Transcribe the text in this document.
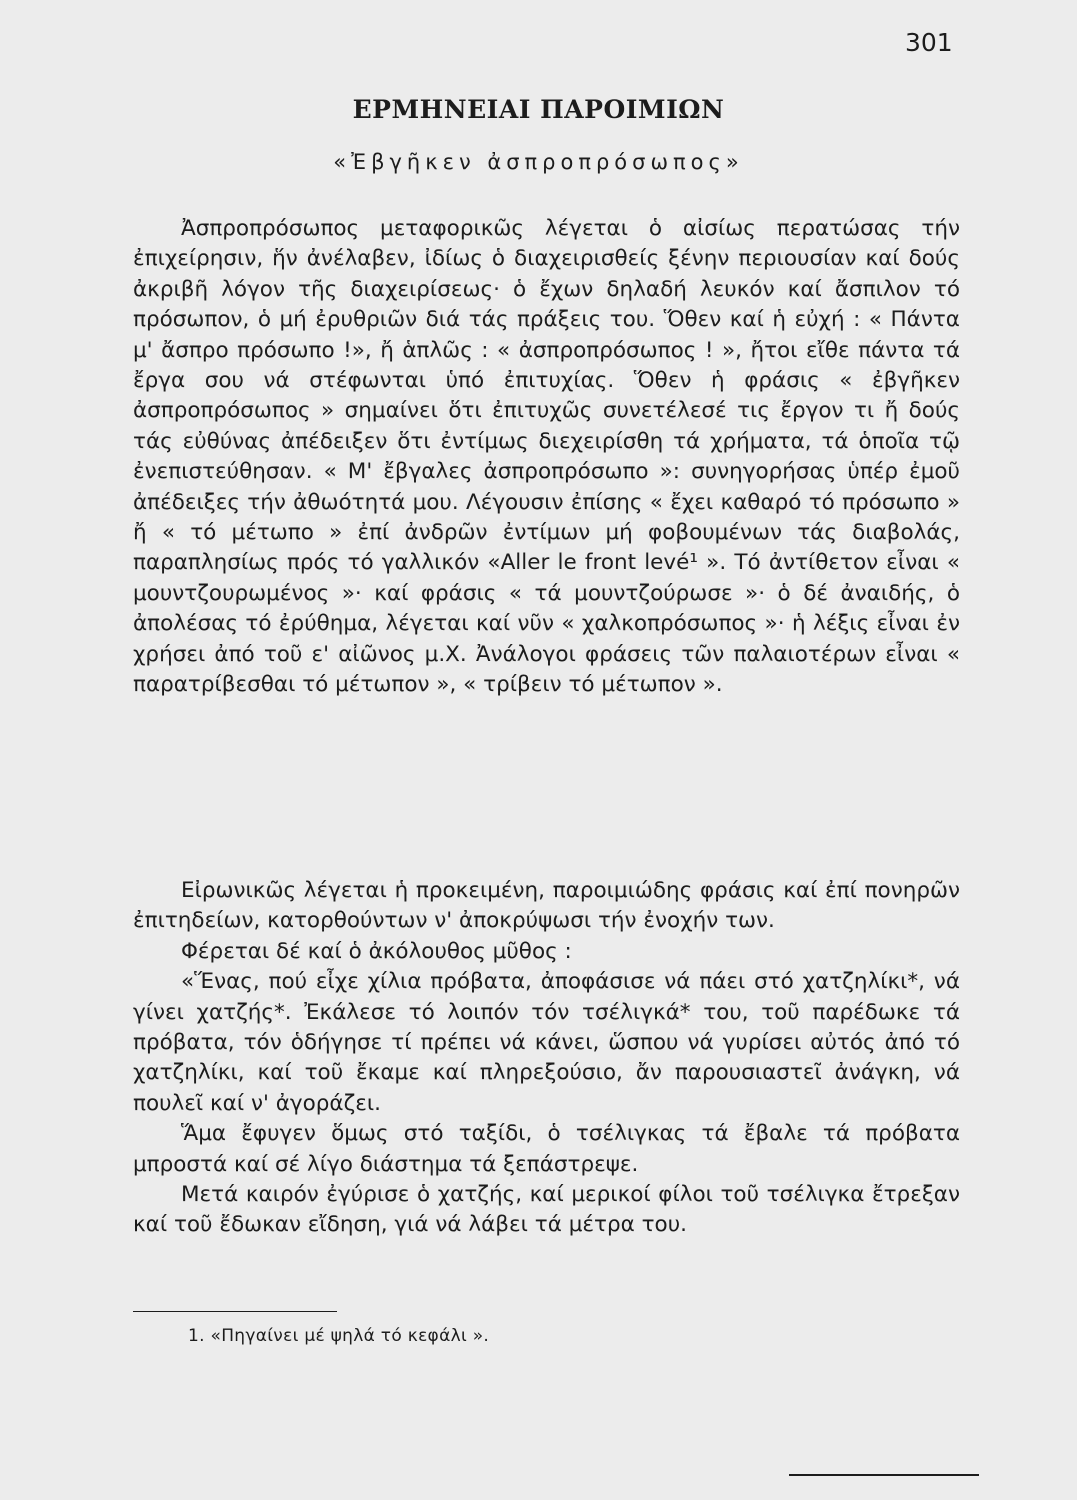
301
ΕΡΜΗΝΕΙΑΙ ΠΑΡΟΙΜΙΩΝ
«Ἐβγῆκεν ἀσπροπρόσωπος»

Ἀσπροπρόσωπος μεταφορικῶς λέγεται ὁ αἰσίως περατώσας τήν ἐπιχείρησιν, ἥν ἀνέλαβεν, ἰδίως ὁ διαχειρισθείς ξένην περιουσίαν καί δούς ἀκριβῆ λόγον τῆς διαχειρίσεως· ὁ ἔχων δηλαδή λευκόν καί ἄσπιλον τό πρόσωπον, ὁ μή ἐρυθριῶν διά τάς πράξεις του. Ὅθεν καί ἡ εὐχή : « Πάντα μ' ἄσπρο πρόσωπο !», ἤ ἁπλῶς : « ἀσπροπρόσωπος ! », ἤτοι εἴθε πάντα τά ἔργα σου νά στέφωνται ὑπό ἐπιτυχίας. Ὅθεν ἡ φράσις « ἐβγῆκεν ἀσπροπρόσωπος » σημαίνει ὅτι ἐπιτυχῶς συνετέλεσέ τις ἔργον τι ἤ δούς τάς εὐθύνας ἀπέδειξεν ὅτι ἐντίμως διεχειρίσθη τά χρήματα, τά ὁποῖα τῷ ἐνεπιστεύθησαν. « Μ' ἔβγαλες ἀσπροπρόσωπο »: συνηγορήσας ὑπέρ ἐμοῦ ἀπέδειξες τήν ἀθωότητά μου. Λέγουσιν ἐπίσης « ἔχει καθαρό τό πρόσωπο » ἤ « τό μέτωπο » ἐπί ἀνδρῶν ἐντίμων μή φοβουμένων τάς διαβολάς, παραπλησίως πρός τό γαλλικόν «Aller le front levé¹ ». Τό ἀντίθετον εἶναι « μουντζουρωμένος »· καί φράσις « τά μουντζούρωσε »· ὁ δέ ἀναιδής, ὁ ἀπολέσας τό ἐρύθημα, λέγεται καί νῦν « χαλκοπρόσωπος »· ἡ λέξις εἶναι ἐν χρήσει ἀπό τοῦ ε' αἰῶνος μ.Χ. Ἀνάλογοι φράσεις τῶν παλαιοτέρων εἶναι « παρατρίβεσθαι τό μέτωπον », « τρίβειν τό μέτωπον ».

Εἰρωνικῶς λέγεται ἡ προκειμένη, παροιμιώδης φράσις καί ἐπί πονηρῶν ἐπιτηδείων, κατορθούντων ν' ἀποκρύψωσι τήν ἐνοχήν των.

Φέρεται δέ καί ὁ ἀκόλουθος μῦθος :

«Ἕνας, πού εἶχε χίλια πρόβατα, ἀποφάσισε νά πάει στό χατζηλίκι*, νά γίνει χατζής*. Ἐκάλεσε τό λοιπόν τόν τσέλιγκά* του, τοῦ παρέδωκε τά πρόβατα, τόν ὁδήγησε τί πρέπει νά κάνει, ὥσπου νά γυρίσει αὐτός ἀπό τό χατζηλίκι, καί τοῦ ἔκαμε καί πληρεξούσιο, ἄν παρουσιαστεῖ ἀνάγκη, νά πουλεῖ καί ν' ἀγοράζει.

Ἅμα ἔφυγεν ὅμως στό ταξίδι, ὁ τσέλιγκας τά ἔβαλε τά πρόβατα μπροστά καί σέ λίγο διάστημα τά ξεπάστρεψε.

Μετά καιρόν ἐγύρισε ὁ χατζής, καί μερικοί φίλοι τοῦ τσέλιγκα ἔτρεξαν καί τοῦ ἔδωκαν εἴδηση, γιά νά λάβει τά μέτρα του.

1. «Πηγαίνει μέ ψηλά τό κεφάλι ».
